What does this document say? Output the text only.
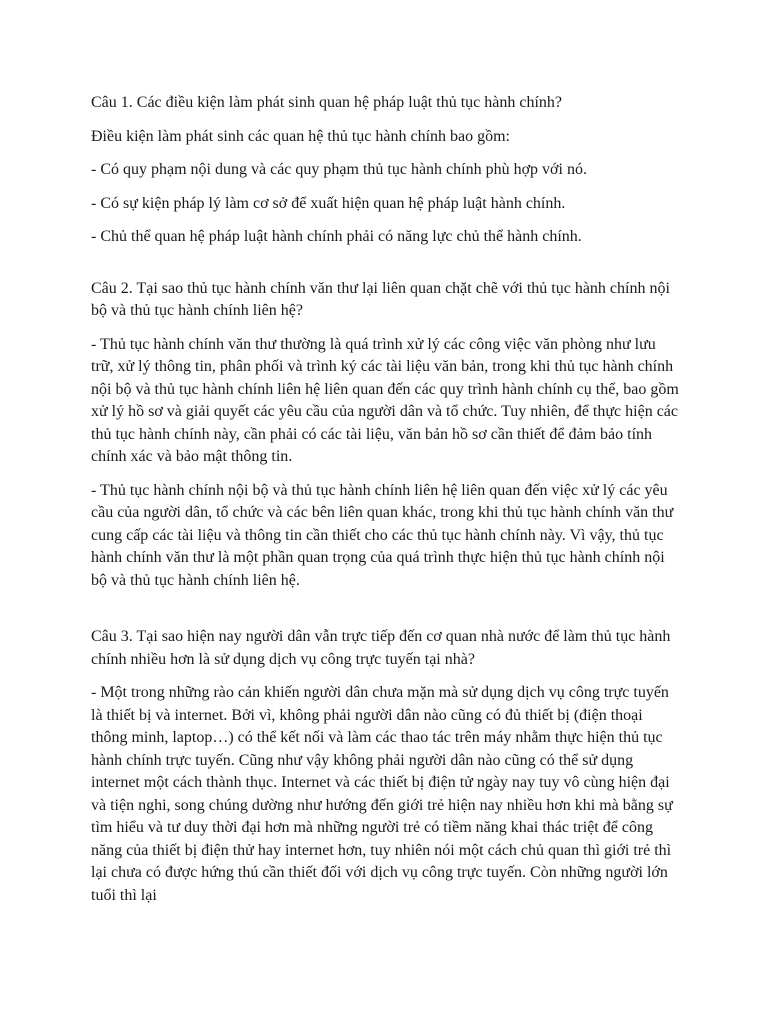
Câu 1. Các điều kiện làm phát sinh quan hệ pháp luật thủ tục hành chính?

Điều kiện làm phát sinh các quan hệ thủ tục hành chính bao gồm:

- Có quy phạm nội dung và các quy phạm thủ tục hành chính phù hợp với nó.

- Có sự kiện pháp lý làm cơ sở để xuất hiện quan hệ pháp luật hành chính.

- Chủ thể quan hệ pháp luật hành chính phải có năng lực chủ thể hành chính.

Câu 2. Tại sao thủ tục hành chính văn thư lại liên quan chặt chẽ với thủ tục hành chính nội bộ và thủ tục hành chính liên hệ?

- Thủ tục hành chính văn thư thường là quá trình xử lý các công việc văn phòng như lưu trữ, xử lý thông tin, phân phối và trình ký các tài liệu văn bản, trong khi thủ tục hành chính nội bộ và thủ tục hành chính liên hệ liên quan đến các quy trình hành chính cụ thể, bao gồm xử lý hồ sơ và giải quyết các yêu cầu của người dân và tổ chức. Tuy nhiên, để thực hiện các thủ tục hành chính này, cần phải có các tài liệu, văn bản hồ sơ cần thiết để đảm bảo tính chính xác và bảo mật thông tin.

- Thủ tục hành chính nội bộ và thủ tục hành chính liên hệ liên quan đến việc xử lý các yêu cầu của người dân, tổ chức và các bên liên quan khác, trong khi thủ tục hành chính văn thư cung cấp các tài liệu và thông tin cần thiết cho các thủ tục hành chính này. Vì vậy, thủ tục hành chính văn thư là một phần quan trọng của quá trình thực hiện thủ tục hành chính nội bộ và thủ tục hành chính liên hệ.

Câu 3. Tại sao hiện nay người dân vẫn trực tiếp đến cơ quan nhà nước để làm thủ tục hành chính nhiều hơn là sử dụng dịch vụ công trực tuyến tại nhà?

- Một trong những rào cản khiến người dân chưa mặn mà sử dụng dịch vụ công trực tuyến là thiết bị và internet. Bởi vì, không phải người dân nào cũng có đủ thiết bị (điện thoại thông minh, laptop…) có thể kết nối và làm các thao tác trên máy nhằm thực hiện thủ tục hành chính trực tuyến. Cũng như vậy không phải người dân nào cũng có thể sử dụng internet một cách thành thục. Internet và các thiết bị điện tử ngày nay tuy vô cùng hiện đại và tiện nghi, song chúng dường như hướng đến giới trẻ hiện nay nhiều hơn khi mà bằng sự tìm hiểu và tư duy thời đại hơn mà những người trẻ có tiềm năng khai thác triệt để công năng của thiết bị điện thử hay internet hơn, tuy nhiên nói một cách chủ quan thì giới trẻ thì lại chưa có được hứng thú cần thiết đối với dịch vụ công trực tuyến. Còn những người lớn tuổi thì lại
